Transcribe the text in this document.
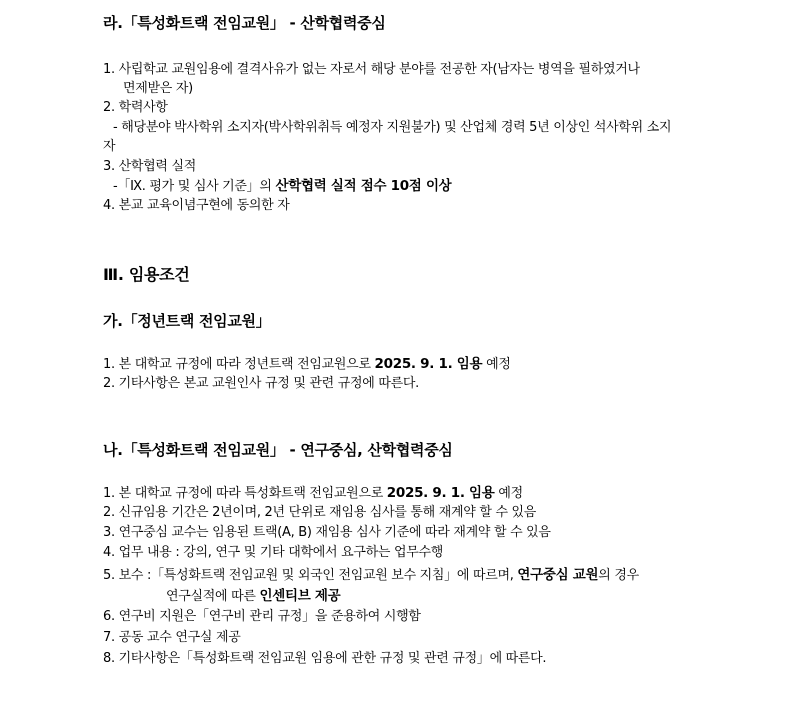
라.「특성화트랙 전임교원」 - 산학협력중심
1. 사립학교 교원임용에 결격사유가 없는 자로서 해당 분야를 전공한 자(남자는 병역을 필하였거나
면제받은 자)
2. 학력사항
- 해당분야 박사학위 소지자(박사학위취득 예정자 지원불가) 및 산업체 경력 5년 이상인 석사학위 소지
자
3. 산학협력 실적
-「Ⅸ. 평가 및 심사 기준」의 산학협력 실적 점수 10점 이상
4. 본교 교육이념구현에 동의한 자
Ⅲ. 임용조건
가.「정년트랙 전임교원」
1. 본 대학교 규정에 따라 정년트랙 전임교원으로 2025. 9. 1. 임용 예정
2. 기타사항은 본교 교원인사 규정 및 관련 규정에 따른다.
나.「특성화트랙 전임교원」 - 연구중심, 산학협력중심
1. 본 대학교 규정에 따라 특성화트랙 전임교원으로 2025. 9. 1. 임용 예정
2. 신규임용 기간은 2년이며, 2년 단위로 재임용 심사를 통해 재계약 할 수 있음
3. 연구중심 교수는 임용된 트랙(A, B) 재임용 심사 기준에 따라 재계약 할 수 있음
4. 업무 내용 : 강의, 연구 및 기타 대학에서 요구하는 업무수행
5. 보수 :「특성화트랙 전임교원 및 외국인 전임교원 보수 지침」에 따르며, 연구중심 교원의 경우
연구실적에 따른 인센티브 제공
6. 연구비 지원은「연구비 관리 규정」을 준용하여 시행함
7. 공동 교수 연구실 제공
8. 기타사항은「특성화트랙 전임교원 임용에 관한 규정 및 관련 규정」에 따른다.
